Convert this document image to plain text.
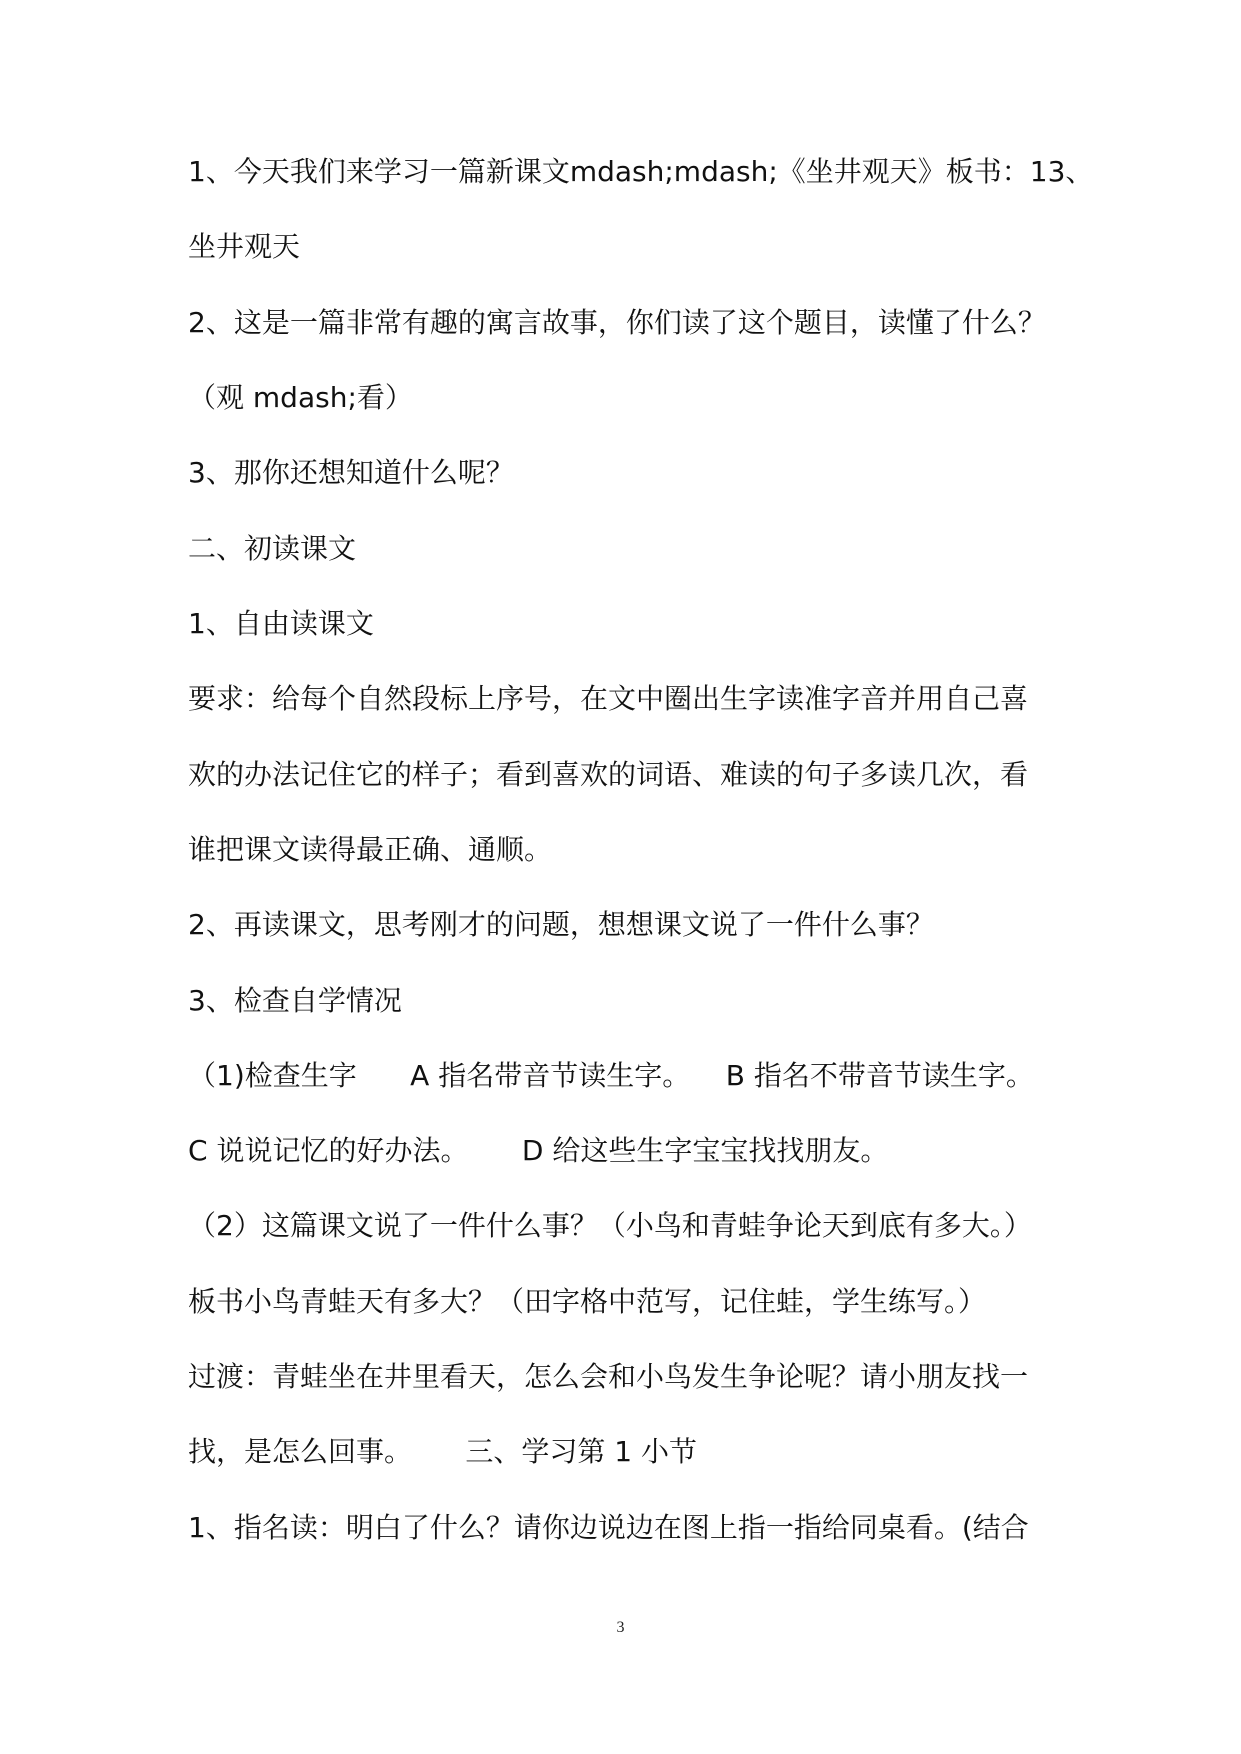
1、今天我们来学习一篇新课文mdash;mdash;《坐井观天》板书：13、
坐井观天
2、这是一篇非常有趣的寓言故事，你们读了这个题目，读懂了什么？
（观 mdash;看）
3、那你还想知道什么呢？
二、初读课文
1、自由读课文
要求：给每个自然段标上序号，在文中圈出生字读准字音并用自己喜
欢的办法记住它的样子；看到喜欢的词语、难读的句子多读几次，看
谁把课文读得最正确、通顺。
2、再读课文，思考刚才的问题，想想课文说了一件什么事？
3、检查自学情况
（1)检查生字      A 指名带音节读生字。    B 指名不带音节读生字。
C 说说记忆的好办法。      D 给这些生字宝宝找找朋友。
（2）这篇课文说了一件什么事？（小鸟和青蛙争论天到底有多大。）
板书小鸟青蛙天有多大？（田字格中范写，记住蛙，学生练写。）
过渡：青蛙坐在井里看天，怎么会和小鸟发生争论呢？请小朋友找一
找，是怎么回事。      三、学习第 1 小节
1、指名读：明白了什么？请你边说边在图上指一指给同桌看。(结合
3
